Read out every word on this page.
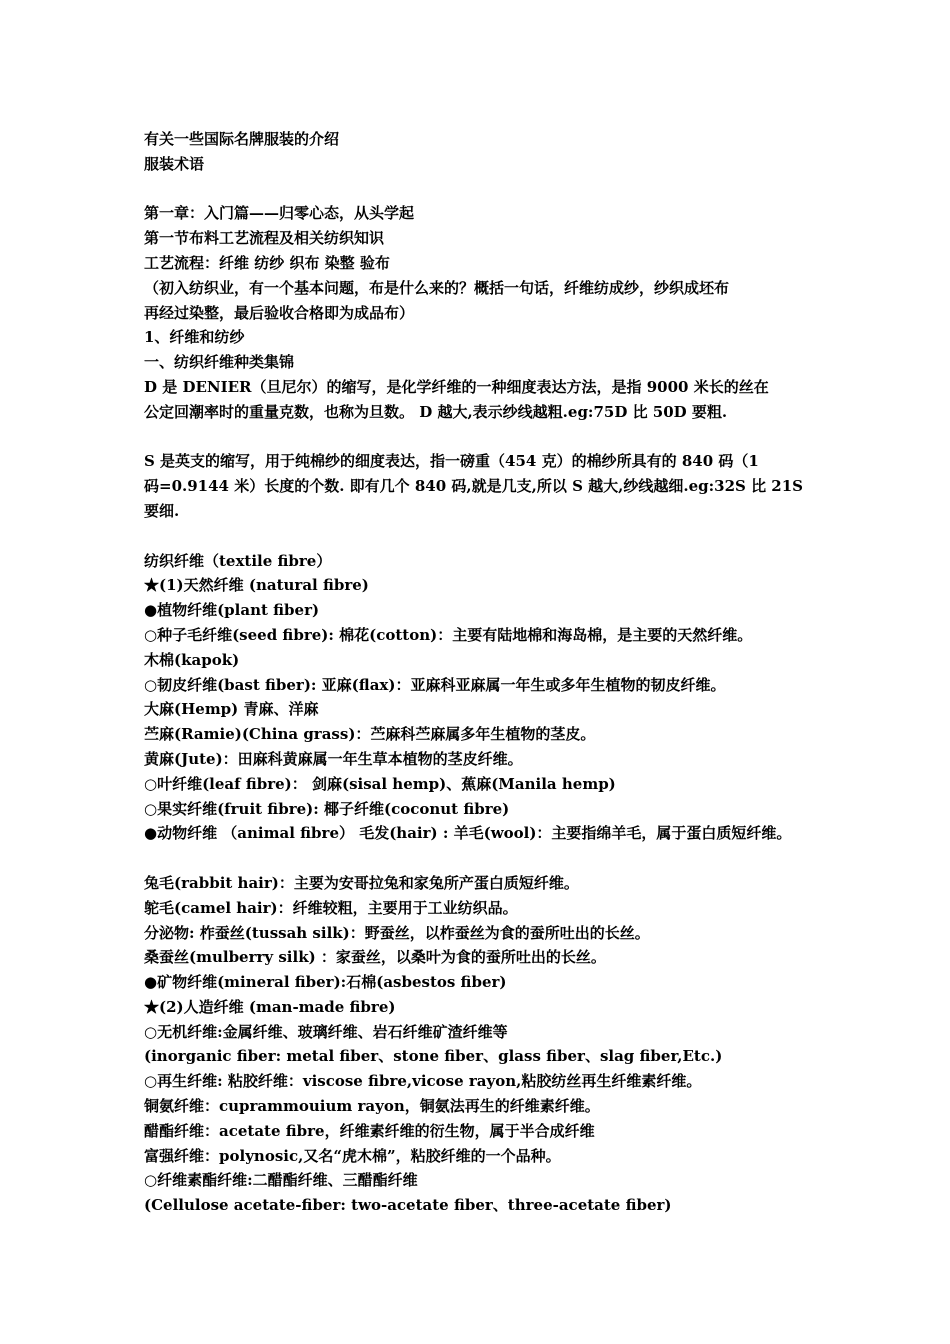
有关一些国际名牌服装的介绍
服装术语
第一章：入门篇——归零心态，从头学起
第一节布料工艺流程及相关纺织知识
工艺流程：纤维 纺纱 织布 染整 验布
（初入纺织业，有一个基本问题，布是什么来的？概括一句话，纤维纺成纱，纱织成坯布
再经过染整，最后验收合格即为成品布）
1、纤维和纺纱
一、纺织纤维种类集锦
D 是 DENIER（旦尼尔）的缩写，是化学纤维的一种细度表达方法，是指 9000 米长的丝在
公定回潮率时的重量克数，也称为旦数。 D 越大,表示纱线越粗.eg:75D 比 50D 要粗.
S 是英支的缩写，用于纯棉纱的细度表达，指一磅重（454 克）的棉纱所具有的 840 码（1
码=0.9144 米）长度的个数. 即有几个 840 码,就是几支,所以 S 越大,纱线越细.eg:32S 比 21S
要细.
纺织纤维（textile fibre）
★(1)天然纤维 (natural fibre)
●植物纤维(plant fiber)
○种子毛纤维(seed fibre): 棉花(cotton)：主要有陆地棉和海岛棉，是主要的天然纤维。
木棉(kapok)
○韧皮纤维(bast fiber): 亚麻(flax)：亚麻科亚麻属一年生或多年生植物的韧皮纤维。
大麻(Hemp) 青麻、洋麻
苎麻(Ramie)(China grass)：苎麻科苎麻属多年生植物的茎皮。
黄麻(Jute)：田麻科黄麻属一年生草本植物的茎皮纤维。
○叶纤维(leaf fibre)： 剑麻(sisal hemp)、蕉麻(Manila hemp)
○果实纤维(fruit fibre): 椰子纤维(coconut fibre)
●动物纤维 （animal fibre） 毛发(hair) : 羊毛(wool)：主要指绵羊毛，属于蛋白质短纤维。
兔毛(rabbit hair)：主要为安哥拉兔和家兔所产蛋白质短纤维。
鸵毛(camel hair)：纤维较粗，主要用于工业纺织品。
分泌物: 柞蚕丝(tussah silk)：野蚕丝，以柞蚕丝为食的蚕所吐出的长丝。
桑蚕丝(mulberry silk) ：家蚕丝，以桑叶为食的蚕所吐出的长丝。
●矿物纤维(mineral fiber):石棉(asbestos fiber)
★(2)人造纤维 (man-made fibre)
○无机纤维:金属纤维、玻璃纤维、岩石纤维矿渣纤维等
(inorganic fiber: metal fiber、stone fiber、glass fiber、slag fiber,Etc.)
○再生纤维: 粘胶纤维：viscose fibre,vicose rayon,粘胶纺丝再生纤维素纤维。
铜氨纤维：cuprammouium rayon，铜氨法再生的纤维素纤维。
醋酯纤维：acetate fibre，纤维素纤维的衍生物，属于半合成纤维
富强纤维：polynosic,又名“虎木棉”，粘胶纤维的一个品种。
○纤维素酯纤维:二醋酯纤维、三醋酯纤维
(Cellulose acetate-fiber: two-acetate fiber、three-acetate fiber)
